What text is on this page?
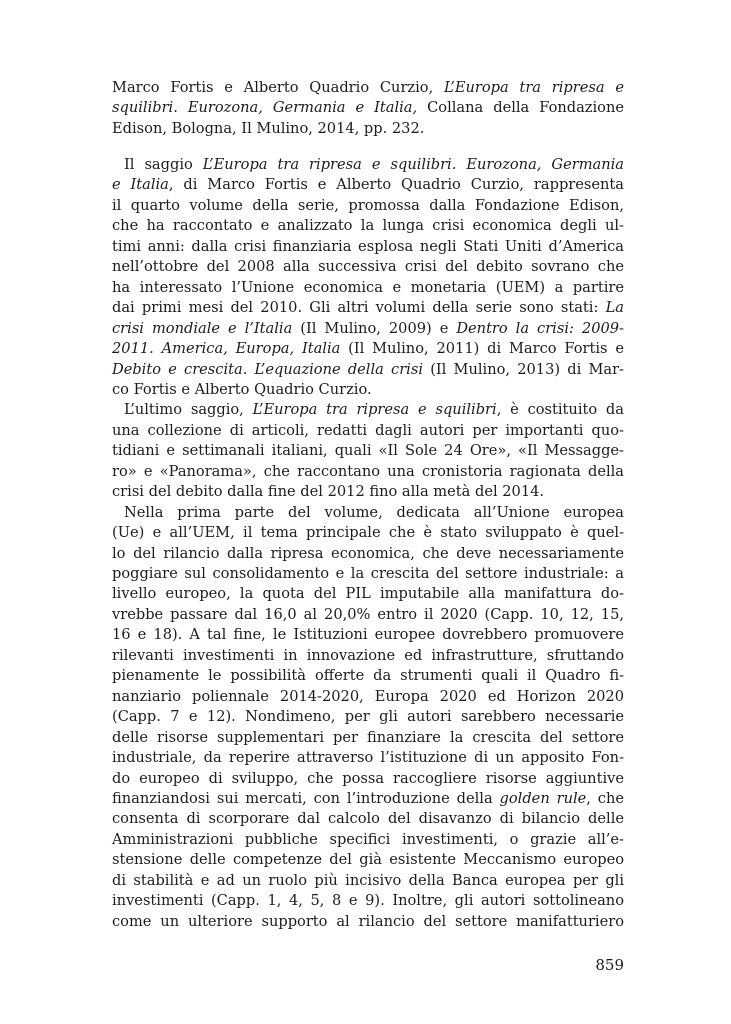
Marco Fortis e Alberto Quadrio Curzio, L’Europa tra ripresa e
squilibri. Eurozona, Germania e Italia, Collana della Fondazione
Edison, Bologna, Il Mulino, 2014, pp. 232.
Il saggio L’Europa tra ripresa e squilibri. Eurozona, Germania
e Italia, di Marco Fortis e Alberto Quadrio Curzio, rappresenta
il quarto volume della serie, promossa dalla Fondazione Edison,
che ha raccontato e analizzato la lunga crisi economica degli ul-
timi anni: dalla crisi finanziaria esplosa negli Stati Uniti d’America
nell’ottobre del 2008 alla successiva crisi del debito sovrano che
ha interessato l’Unione economica e monetaria (UEM) a partire
dai primi mesi del 2010. Gli altri volumi della serie sono stati: La
crisi mondiale e l’Italia (Il Mulino, 2009) e Dentro la crisi: 2009-
2011. America, Europa, Italia (Il Mulino, 2011) di Marco Fortis e
Debito e crescita. L’equazione della crisi (Il Mulino, 2013) di Mar-
co Fortis e Alberto Quadrio Curzio.
L’ultimo saggio, L’Europa tra ripresa e squilibri, è costituito da
una collezione di articoli, redatti dagli autori per importanti quo-
tidiani e settimanali italiani, quali «Il Sole 24 Ore», «Il Messagge-
ro» e «Panorama», che raccontano una cronistoria ragionata della
crisi del debito dalla fine del 2012 fino alla metà del 2014.
Nella prima parte del volume, dedicata all’Unione europea
(Ue) e all’UEM, il tema principale che è stato sviluppato è quel-
lo del rilancio dalla ripresa economica, che deve necessariamente
poggiare sul consolidamento e la crescita del settore industriale: a
livello europeo, la quota del PIL imputabile alla manifattura do-
vrebbe passare dal 16,0 al 20,0% entro il 2020 (Capp. 10, 12, 15,
16 e 18). A tal fine, le Istituzioni europee dovrebbero promuovere
rilevanti investimenti in innovazione ed infrastrutture, sfruttando
pienamente le possibilità offerte da strumenti quali il Quadro fi-
nanziario poliennale 2014-2020, Europa 2020 ed Horizon 2020
(Capp. 7 e 12). Nondimeno, per gli autori sarebbero necessarie
delle risorse supplementari per finanziare la crescita del settore
industriale, da reperire attraverso l’istituzione di un apposito Fon-
do europeo di sviluppo, che possa raccogliere risorse aggiuntive
finanziandosi sui mercati, con l’introduzione della golden rule, che
consenta di scorporare dal calcolo del disavanzo di bilancio delle
Amministrazioni pubbliche specifici investimenti, o grazie all’e-
stensione delle competenze del già esistente Meccanismo europeo
di stabilità e ad un ruolo più incisivo della Banca europea per gli
investimenti (Capp. 1, 4, 5, 8 e 9). Inoltre, gli autori sottolineano
come un ulteriore supporto al rilancio del settore manifatturiero
859
